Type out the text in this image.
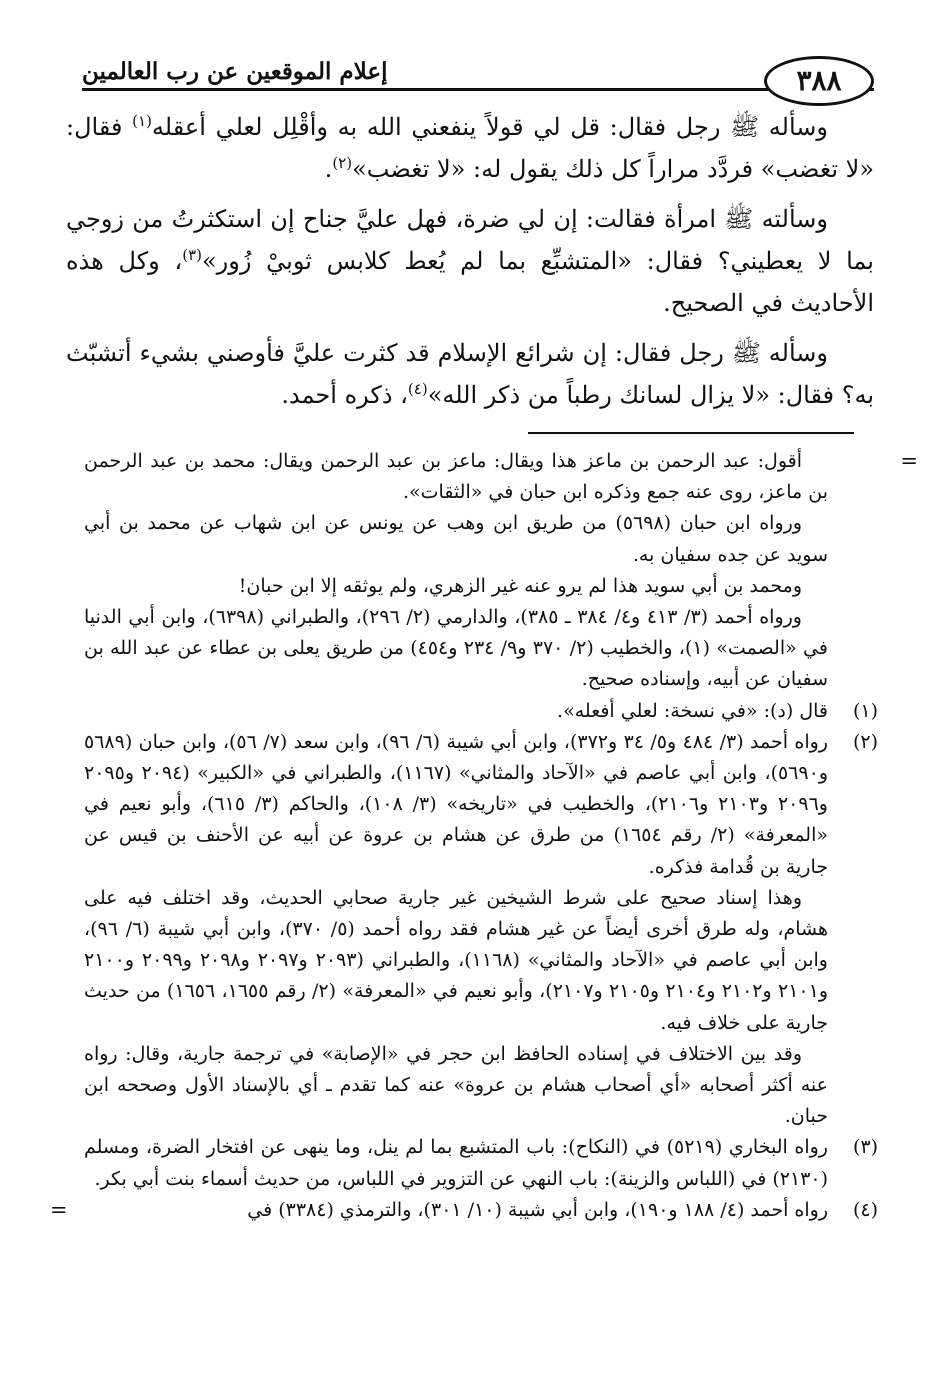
إعلام الموقعين عن رب العالمين	٣٨٨

وسأله ﷺ رجل فقال: قل لي قولاً ينفعني الله به وأقْلِل لعلي أعقله$^{(١)}$ فقال: «لا تغضب» فردَّد مراراً كل ذلك يقول له: «لا تغضب»$^{(٢)}$.

وسألته ﷺ امرأة فقالت: إن لي ضرة، فهل عليَّ جناح إن استكثرتُ من زوجي بما لا يعطيني؟ فقال: «المتشبِّع بما لم يُعط كلابس ثوبيْ زُور»$^{(٣)}$، وكل هذه الأحاديث في الصحيح.

وسأله ﷺ رجل فقال: إن شرائع الإسلام قد كثرت عليَّ فأوصني بشيء أتشبّث به؟ فقال: «لا يزال لسانك رطباً من ذكر الله»$^{(٤)}$، ذكره أحمد.

=

أقول: عبد الرحمن بن ماعز هذا ويقال: ماعز بن عبد الرحمن ويقال: محمد بن عبد الرحمن بن ماعز، روى عنه جمع وذكره ابن حبان في «الثقات».

ورواه ابن حبان (٥٦٩٨) من طريق ابن وهب عن يونس عن ابن شهاب عن محمد بن أبي سويد عن جده سفيان به.

ومحمد بن أبي سويد هذا لم يرو عنه غير الزهري، ولم يوثقه إلا ابن حبان!

ورواه أحمد (٣/ ٤١٣ و٤/ ٣٨٤ ـ ٣٨٥)، والدارمي (٢/ ٢٩٦)، والطبراني (٦٣٩٨)، وابن أبي الدنيا في «الصمت» (١)، والخطيب (٢/ ٣٧٠ و٩/ ٢٣٤ و٤٥٤) من طريق يعلى بن عطاء عن عبد الله بن سفيان عن أبيه، وإسناده صحيح.

(١)

قال (د): «في نسخة: لعلي أفعله».

(٢)

رواه أحمد (٣/ ٤٨٤ و٥/ ٣٤ و٣٧٢)، وابن أبي شيبة (٦/ ٩٦)، وابن سعد (٧/ ٥٦)، وابن حبان (٥٦٨٩ و٥٦٩٠)، وابن أبي عاصم في «الآحاد والمثاني» (١١٦٧)، والطبراني في «الكبير» (٢٠٩٤ و٢٠٩٥ و٢٠٩٦ و٢١٠٣ و٢١٠٦)، والخطيب في «تاريخه» (٣/ ١٠٨)، والحاكم (٣/ ٦١٥)، وأبو نعيم في «المعرفة» (٢/ رقم ١٦٥٤) من طرق عن هشام بن عروة عن أبيه عن الأحنف بن قيس عن جارية بن قُدامة فذكره.

وهذا إسناد صحيح على شرط الشيخين غير جارية صحابي الحديث، وقد اختلف فيه على هشام، وله طرق أخرى أيضاً عن غير هشام فقد رواه أحمد (٥/ ٣٧٠)، وابن أبي شيبة (٦/ ٩٦)، وابن أبي عاصم في «الآحاد والمثاني» (١١٦٨)، والطبراني (٢٠٩٣ و٢٠٩٧ و٢٠٩٨ و٢٠٩٩ و٢١٠٠ و٢١٠١ و٢١٠٢ و٢١٠٤ و٢١٠٥ و٢١٠٧)، وأبو نعيم في «المعرفة» (٢/ رقم ١٦٥٥، ١٦٥٦) من حديث جارية على خلاف فيه.

وقد بين الاختلاف في إسناده الحافظ ابن حجر في «الإصابة» في ترجمة جارية، وقال: رواه عنه أكثر أصحابه «أي أصحاب هشام بن عروة» عنه كما تقدم ـ أي بالإسناد الأول وصححه ابن حبان.

(٣)

رواه البخاري (٥٢١٩) في (النكاح): باب المتشبع بما لم ينل، وما ينهى عن افتخار الضرة، ومسلم (٢١٣٠) في (اللباس والزينة): باب النهي عن التزوير في اللباس، من حديث أسماء بنت أبي بكر.

(٤)

رواه أحمد (٤/ ١٨٨ و١٩٠)، وابن أبي شيبة (١٠/ ٣٠١)، والترمذي (٣٣٨٤) في

=
